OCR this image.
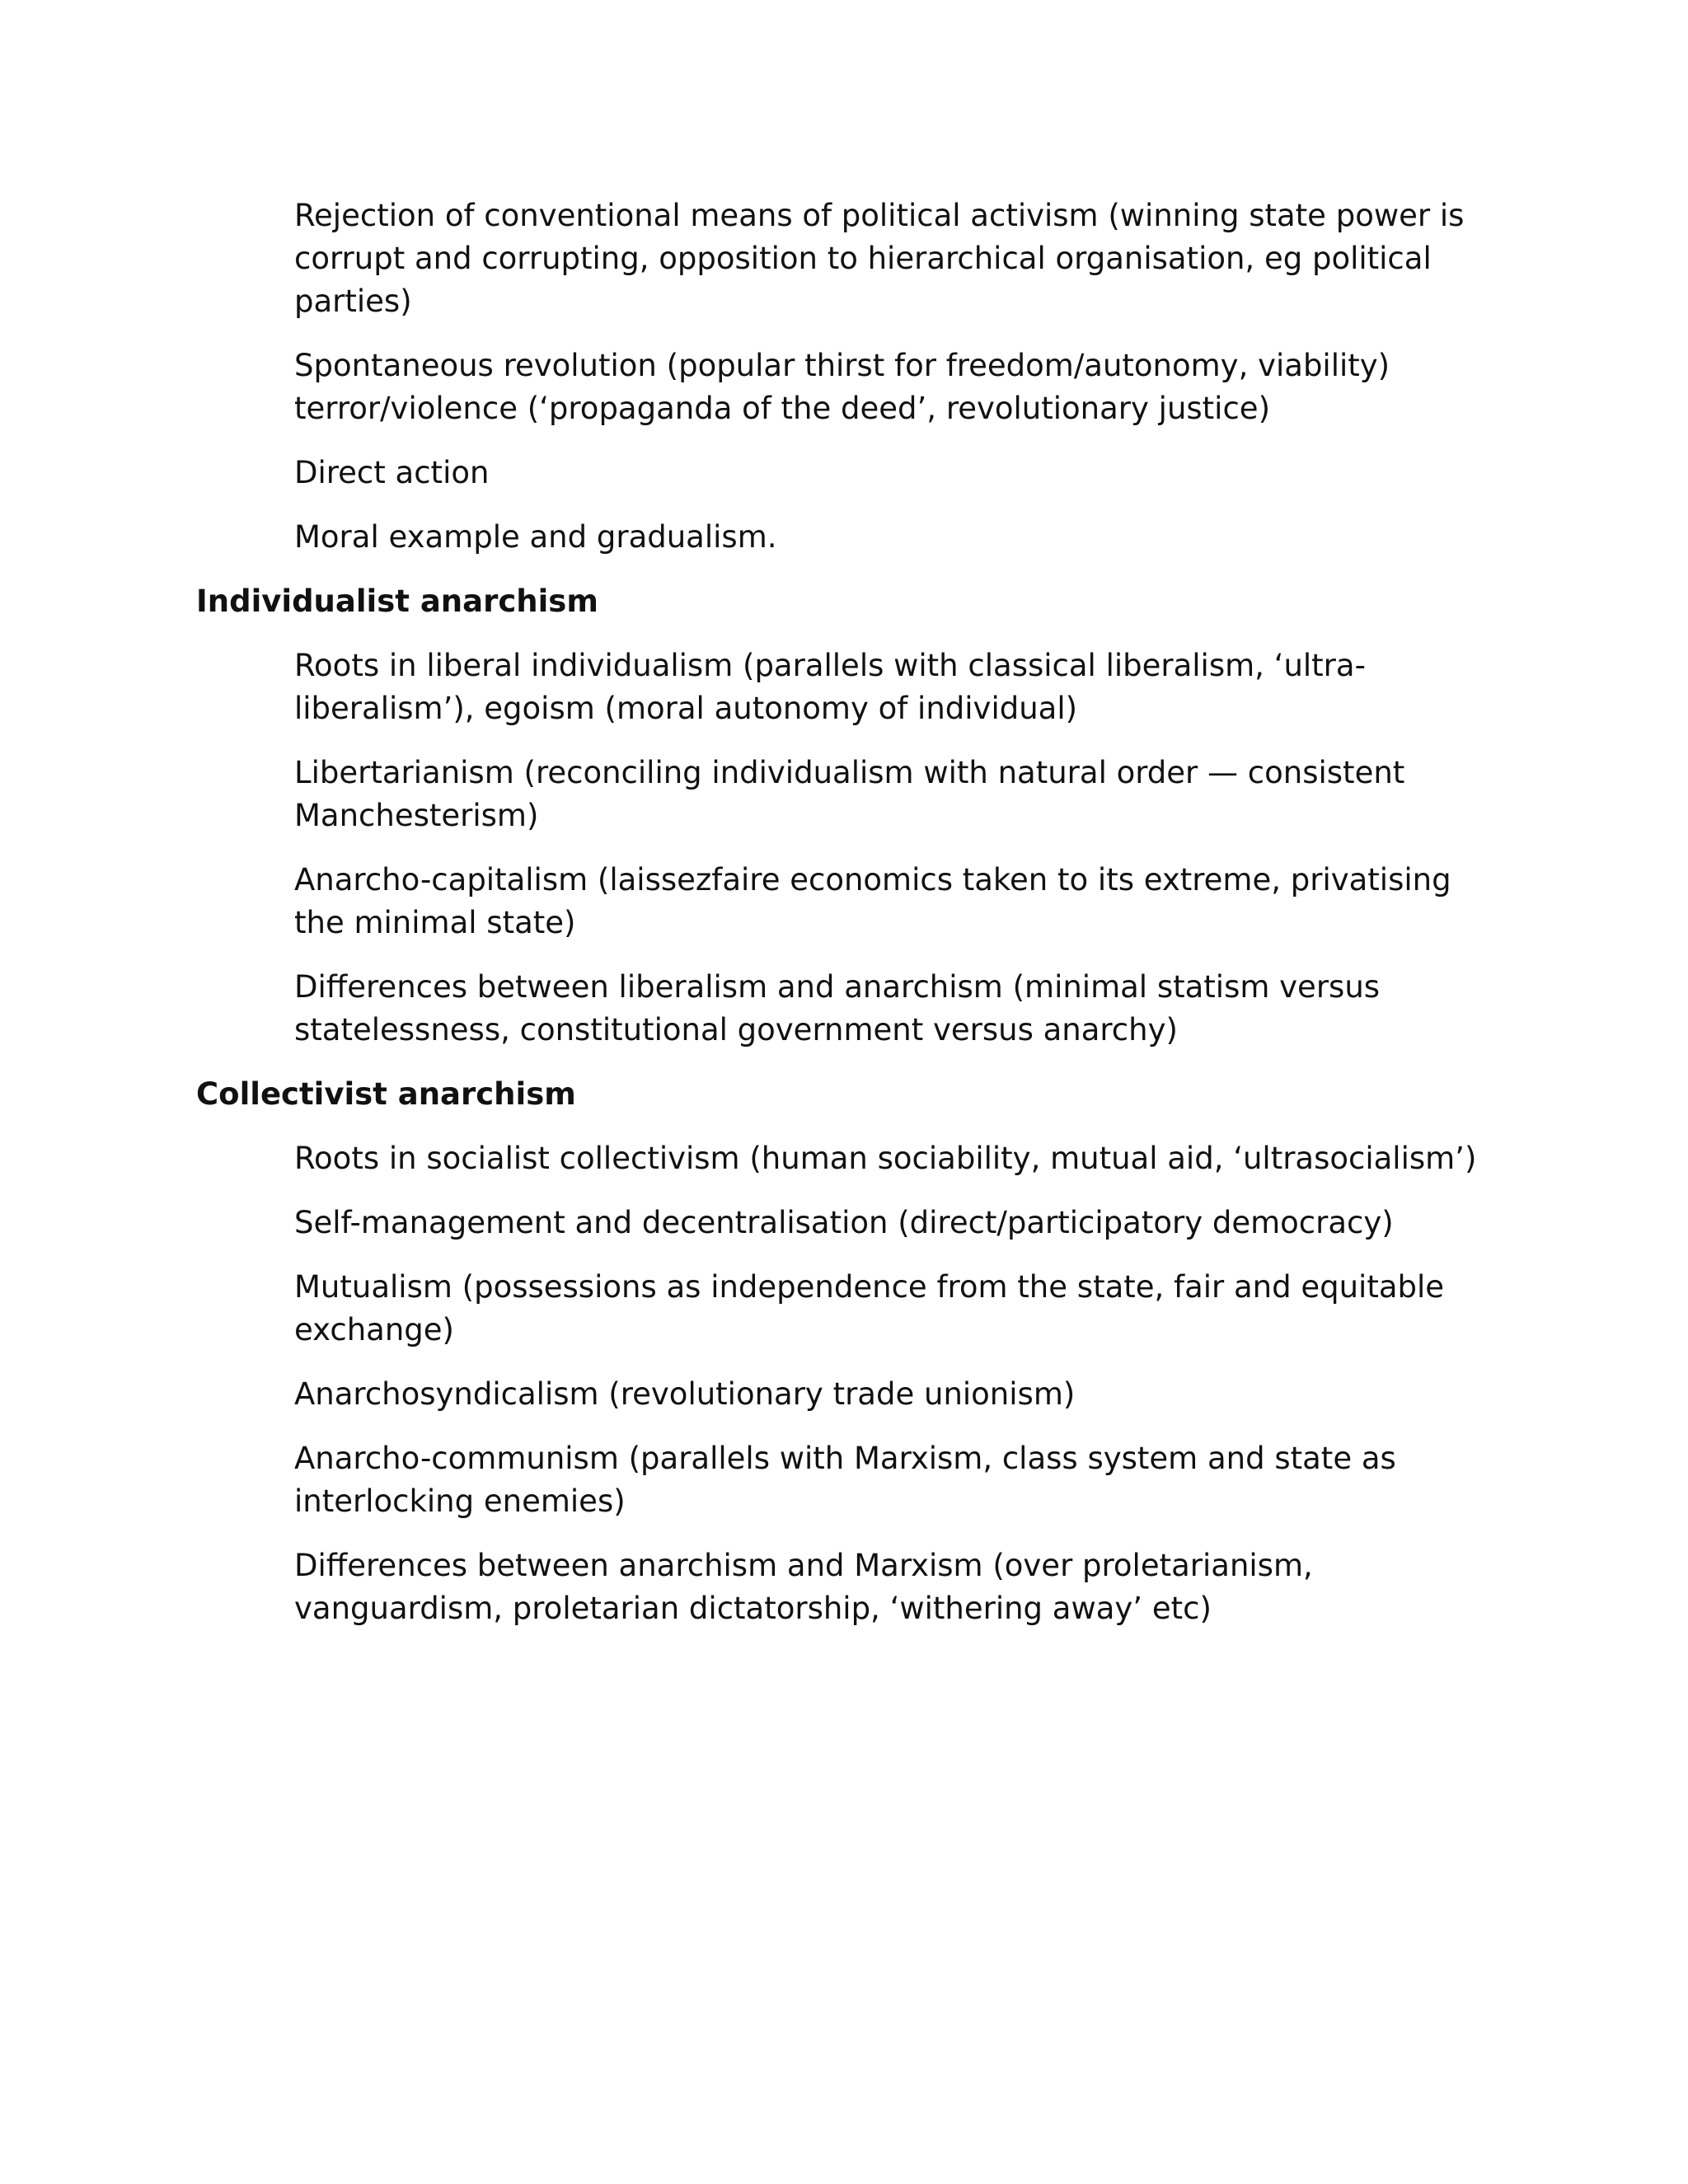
Rejection of conventional means of political activism (winning state power is corrupt and corrupting, opposition to hierarchical organisation, eg political parties)
Spontaneous revolution (popular thirst for freedom/autonomy, viability) terror/violence (‘propaganda of the deed’, revolutionary justice)
Direct action
Moral example and gradualism.
Individualist anarchism
Roots in liberal individualism (parallels with classical liberalism, ‘ultra-liberalism’), egoism (moral autonomy of individual)
Libertarianism (reconciling individualism with natural order — consistent Manchesterism)
Anarcho-capitalism (laissezfaire economics taken to its extreme, privatising the minimal state)
Differences between liberalism and anarchism (minimal statism versus statelessness, constitutional government versus anarchy)
Collectivist anarchism
Roots in socialist collectivism (human sociability, mutual aid, ‘ultrasocialism’)
Self-management and decentralisation (direct/participatory democracy)
Mutualism (possessions as independence from the state, fair and equitable exchange)
Anarchosyndicalism (revolutionary trade unionism)
Anarcho-communism (parallels with Marxism, class system and state as interlocking enemies)
Differences between anarchism and Marxism (over proletarianism, vanguardism, proletarian dictatorship, ‘withering away’ etc)
